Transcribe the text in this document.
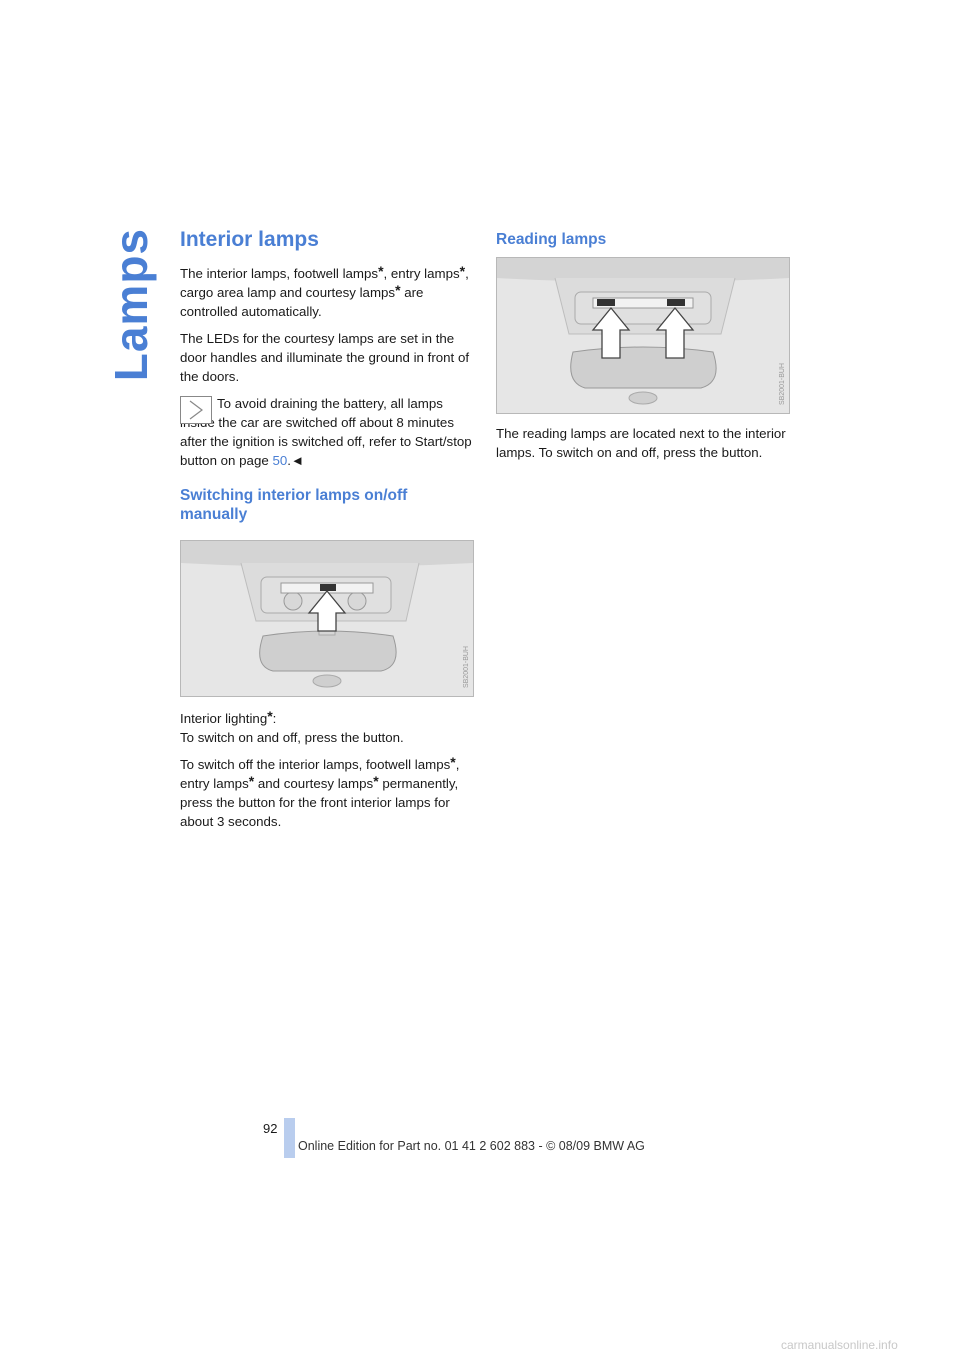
Lamps Interior lamps

The interior lamps, footwell lamps*, entry lamps*, cargo area lamp and courtesy lamps* are controlled automatically.

The LEDs for the courtesy lamps are set in the door handles and illuminate the ground in front of the doors.

To avoid draining the battery, all lamps inside the car are switched off about 8 minutes after the ignition is switched off, refer to Start/stop button on page 50.◄

Switching interior lamps on/off manually
SB2001-BUH

Interior lighting*:
To switch on and off, press the button.

To switch off the interior lamps, footwell lamps*, entry lamps* and courtesy lamps* permanently, press the button for the front interior lamps for about 3 seconds.

Reading lamps
SB2001-BUH

The reading lamps are located next to the interior lamps. To switch on and off, press the button.

92
Online Edition for Part no. 01 41 2 602 883 - © 08/09 BMW AG
carmanualsonline.info
